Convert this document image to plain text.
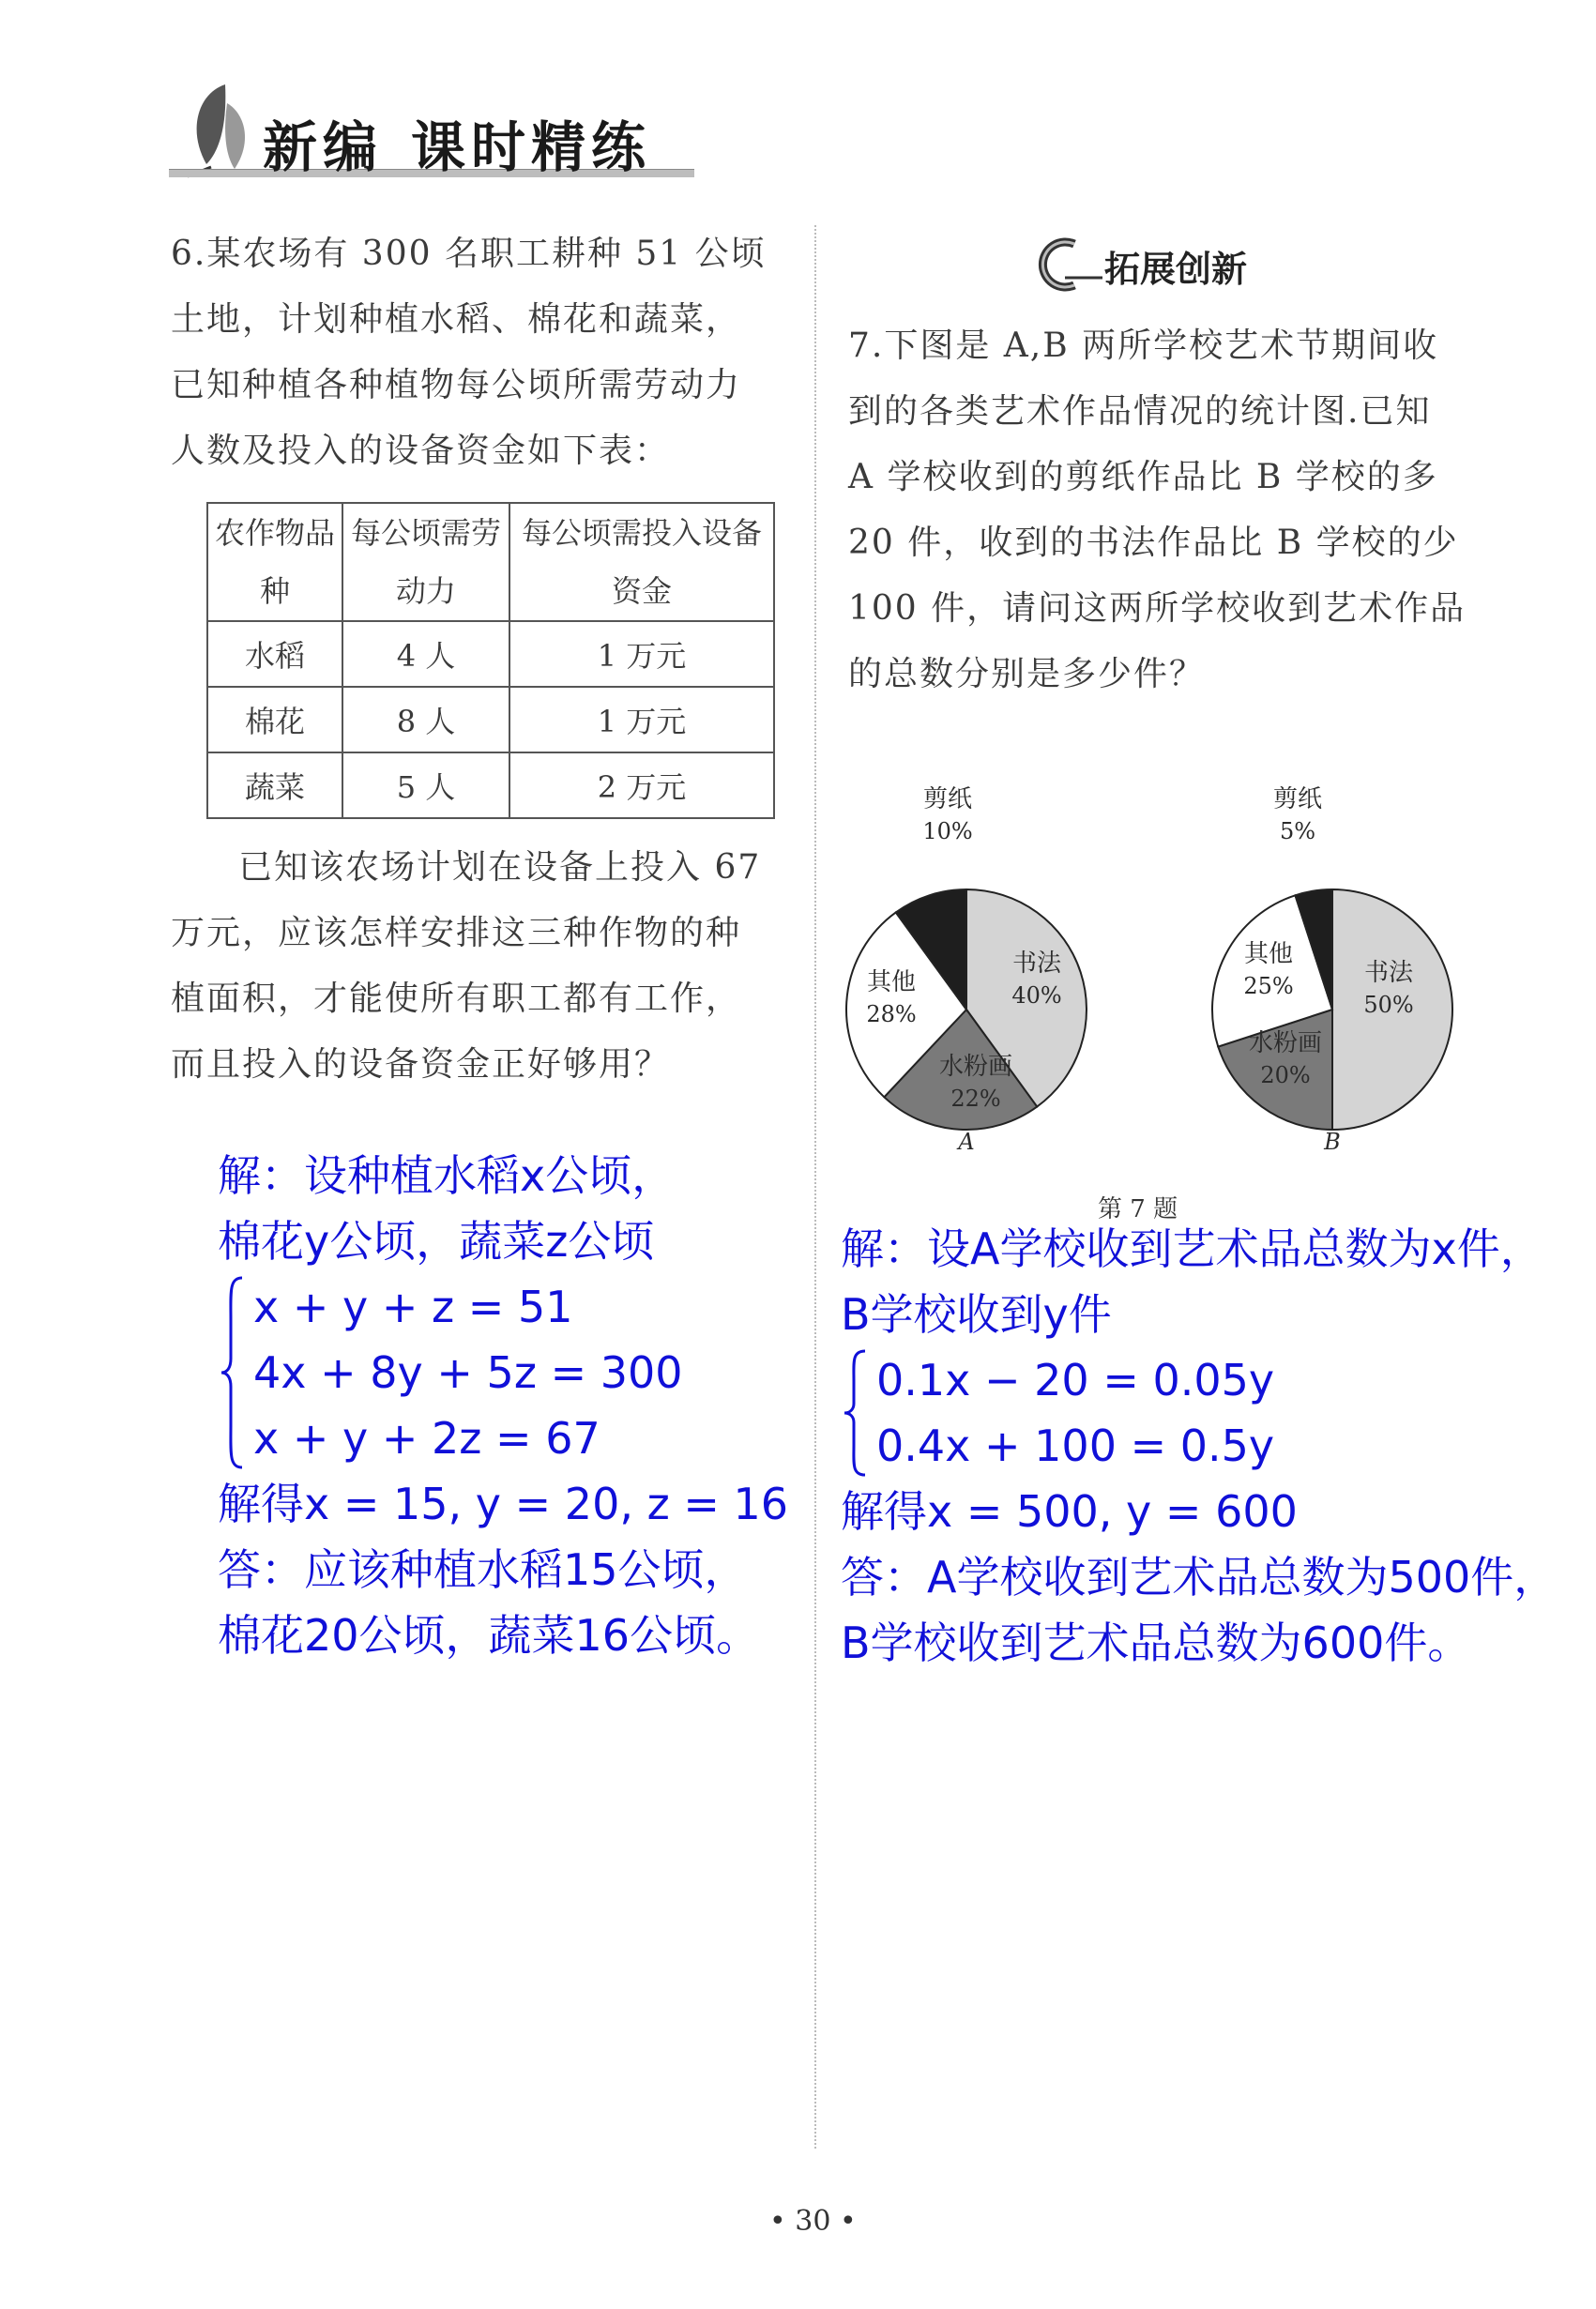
新编 课时精练
6.某农场有 300 名职工耕种 51 公顷土地，计划种植水稻、棉花和蔬菜，已知种植各种植物每公顷所需劳动力人数及投入的设备资金如下表：
农作物品种	每公顷需劳动力	每公顷需投入设备资金
水稻	4 人	1 万元
棉花	8 人	1 万元
蔬菜	5 人	2 万元
已知该农场计划在设备上投入 67 万元，应该怎样安排这三种作物的种植面积，才能使所有职工都有工作，而且投入的设备资金正好够用？
解：设种植水稻x公顷，
棉花y公顷，蔬菜z公顷
x + y + z = 51
4x + 8y + 5z = 300
x + y + 2z = 67
解得x = 15, y = 20, z = 16
答：应该种植水稻15公顷，
棉花20公顷，蔬菜16公顷。
拓展创新
7.下图是 A,B 两所学校艺术节期间收到的各类艺术作品情况的统计图.已知 A 学校收到的剪纸作品比 B 学校的多 20 件，收到的书法作品比 B 学校的少 100 件，请问这两所学校收到艺术作品的总数分别是多少件？
书法
40%
水粉画
22%
其他
28%
剪纸
10%
A
书法
50%
水粉画
20%
其他
25%
剪纸
5%
B
第 7 题
解：设A学校收到艺术品总数为x件，
B学校收到y件
0.1x − 20 = 0.05y
0.4x + 100 = 0.5y
解得x = 500, y = 600
答：A学校收到艺术品总数为500件，
B学校收到艺术品总数为600件。
• 30 •
